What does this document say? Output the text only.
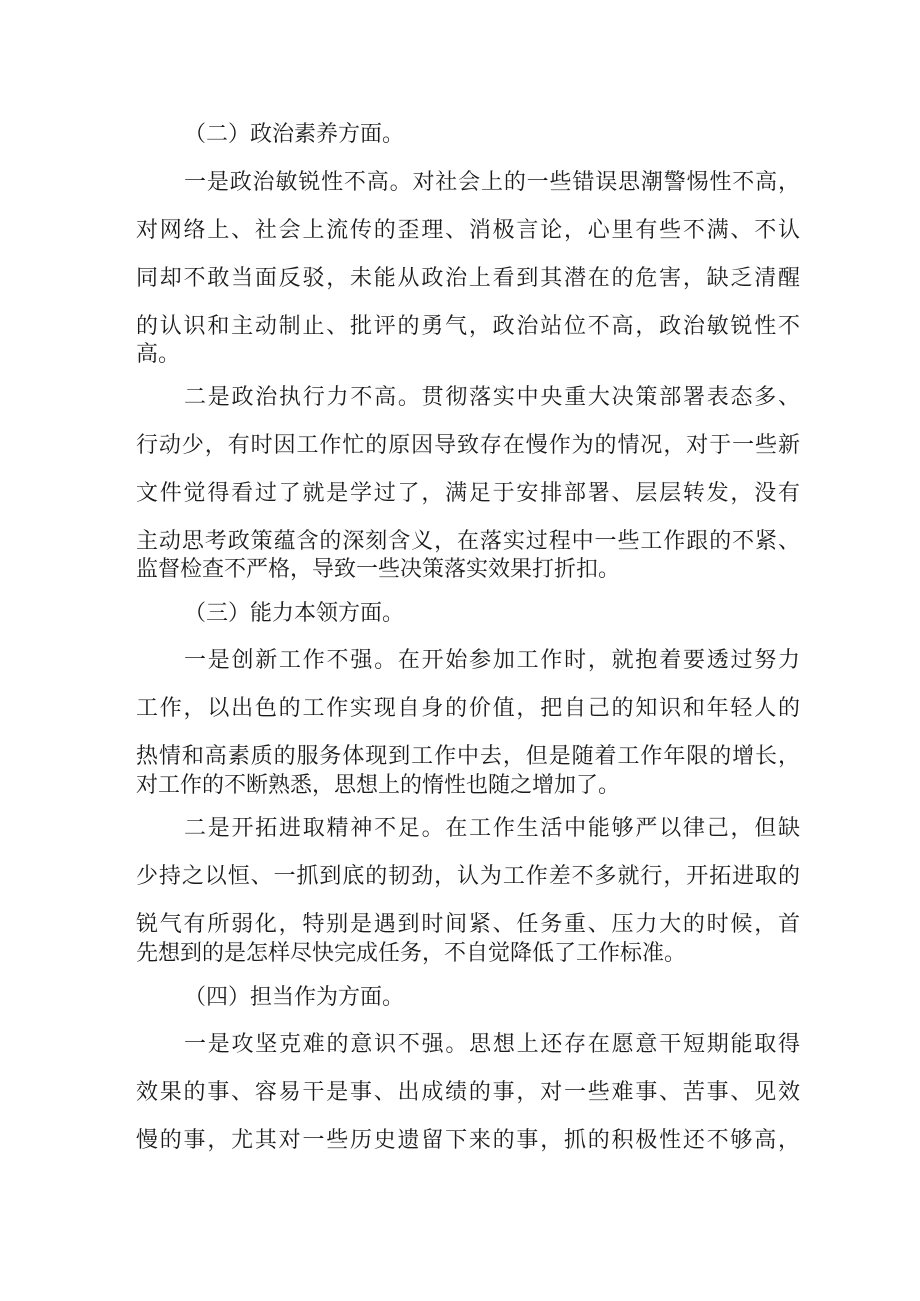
（二）政治素养方面。
一是政治敏锐性不高。对社会上的一些错误思潮警惕性不高，
对网络上、社会上流传的歪理、消极言论，心里有些不满、不认
同却不敢当面反驳，未能从政治上看到其潜在的危害，缺乏清醒
的认识和主动制止、批评的勇气，政治站位不高，政治敏锐性不
高。
二是政治执行力不高。贯彻落实中央重大决策部署表态多、
行动少，有时因工作忙的原因导致存在慢作为的情况，对于一些新
文件觉得看过了就是学过了，满足于安排部署、层层转发，没有
主动思考政策蕴含的深刻含义，在落实过程中一些工作跟的不紧、
监督检查不严格，导致一些决策落实效果打折扣。
（三）能力本领方面。
一是创新工作不强。在开始参加工作时，就抱着要透过努力
工作，以出色的工作实现自身的价值，把自己的知识和年轻人的
热情和高素质的服务体现到工作中去，但是随着工作年限的增长，
对工作的不断熟悉，思想上的惰性也随之增加了。
二是开拓进取精神不足。在工作生活中能够严以律己，但缺
少持之以恒、一抓到底的韧劲，认为工作差不多就行，开拓进取的
锐气有所弱化，特别是遇到时间紧、任务重、压力大的时候，首
先想到的是怎样尽快完成任务，不自觉降低了工作标准。
（四）担当作为方面。
一是攻坚克难的意识不强。思想上还存在愿意干短期能取得
效果的事、容易干是事、出成绩的事，对一些难事、苦事、见效
慢的事，尤其对一些历史遗留下来的事，抓的积极性还不够高，
